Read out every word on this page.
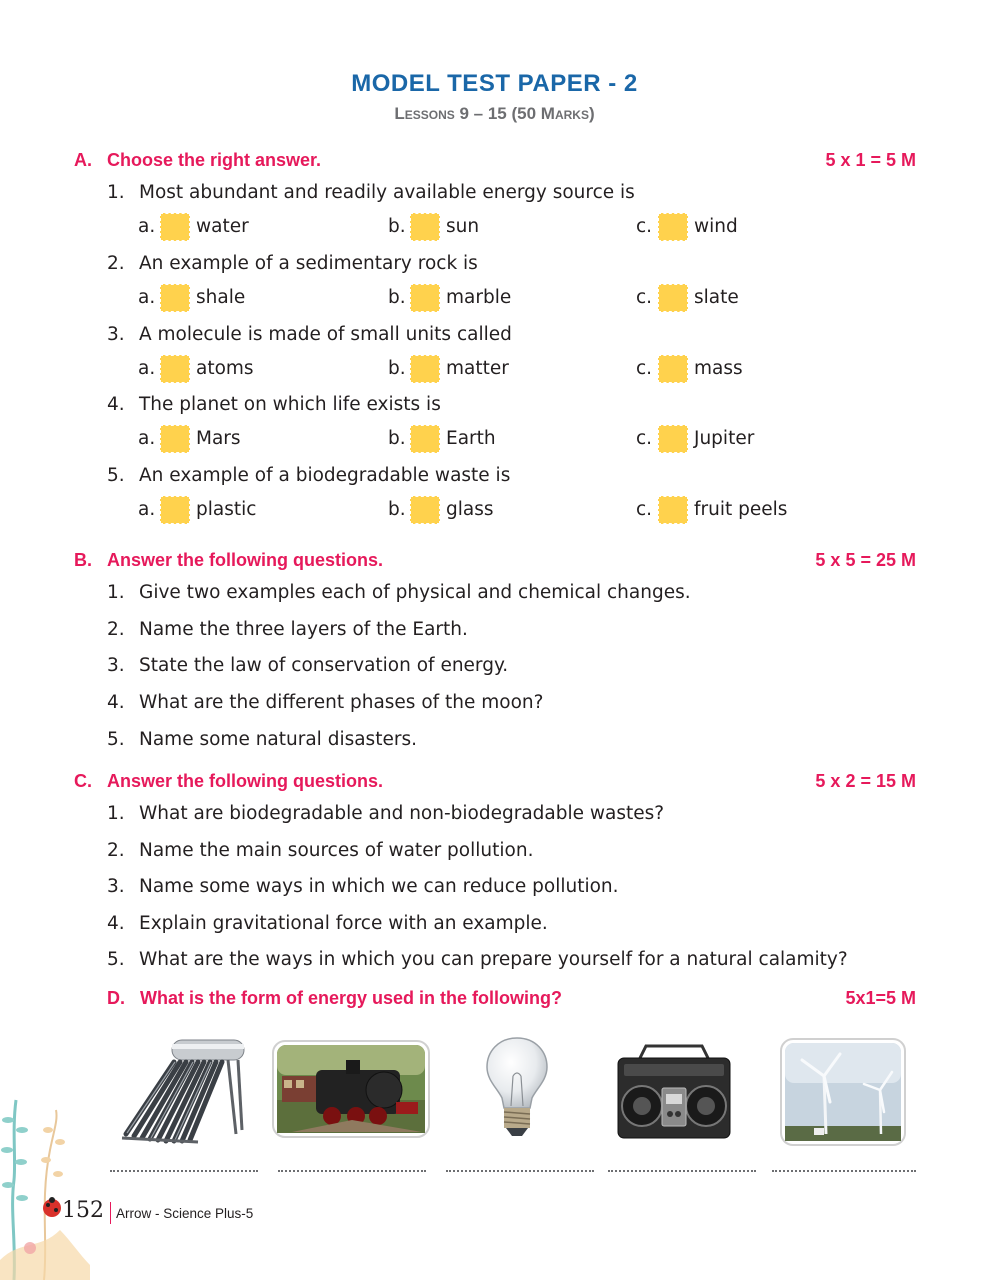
MODEL TEST PAPER - 2
Lessons 9 – 15 (50 Marks)
A. Choose the right answer.	5 x 1 = 5 M
1. Most abundant and readily available energy source is
a. water	b. sun	c. wind
2. An example of a sedimentary rock is
a. shale	b. marble	c. slate
3. A molecule is made of small units called
a. atoms	b. matter	c. mass
4. The planet on which life exists is
a. Mars	b. Earth	c. Jupiter
5. An example of a biodegradable waste is
a. plastic	b. glass	c. fruit peels
B. Answer the following questions.	5 x 5 = 25 M
1. Give two examples each of physical and chemical changes.
2. Name the three layers of the Earth.
3. State the law of conservation of energy.
4. What are the different phases of the moon?
5. Name some natural disasters.
C. Answer the following questions.	5 x 2 = 15 M
1. What are biodegradable and non-biodegradable wastes?
2. Name the main sources of water pollution.
3. Name some ways in which we can reduce pollution.
4. Explain gravitational force with an example.
5. What are the ways in which you can prepare yourself for a natural calamity?
D. What is the form of energy used in the following?	5x1=5 M
152 Arrow - Science Plus-5
